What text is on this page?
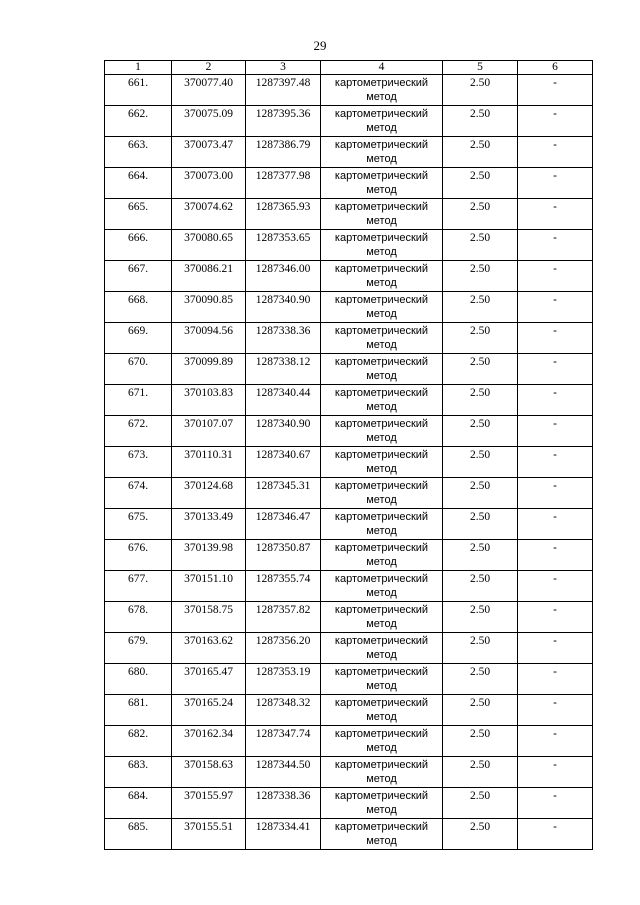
29
1	2	3	4	5	6
661.	370077.40	1287397.48	картометрический метод	2.50	-
662.	370075.09	1287395.36	картометрический метод	2.50	-
663.	370073.47	1287386.79	картометрический метод	2.50	-
664.	370073.00	1287377.98	картометрический метод	2.50	-
665.	370074.62	1287365.93	картометрический метод	2.50	-
666.	370080.65	1287353.65	картометрический метод	2.50	-
667.	370086.21	1287346.00	картометрический метод	2.50	-
668.	370090.85	1287340.90	картометрический метод	2.50	-
669.	370094.56	1287338.36	картометрический метод	2.50	-
670.	370099.89	1287338.12	картометрический метод	2.50	-
671.	370103.83	1287340.44	картометрический метод	2.50	-
672.	370107.07	1287340.90	картометрический метод	2.50	-
673.	370110.31	1287340.67	картометрический метод	2.50	-
674.	370124.68	1287345.31	картометрический метод	2.50	-
675.	370133.49	1287346.47	картометрический метод	2.50	-
676.	370139.98	1287350.87	картометрический метод	2.50	-
677.	370151.10	1287355.74	картометрический метод	2.50	-
678.	370158.75	1287357.82	картометрический метод	2.50	-
679.	370163.62	1287356.20	картометрический метод	2.50	-
680.	370165.47	1287353.19	картометрический метод	2.50	-
681.	370165.24	1287348.32	картометрический метод	2.50	-
682.	370162.34	1287347.74	картометрический метод	2.50	-
683.	370158.63	1287344.50	картометрический метод	2.50	-
684.	370155.97	1287338.36	картометрический метод	2.50	-
685.	370155.51	1287334.41	картометрический метод	2.50	-
